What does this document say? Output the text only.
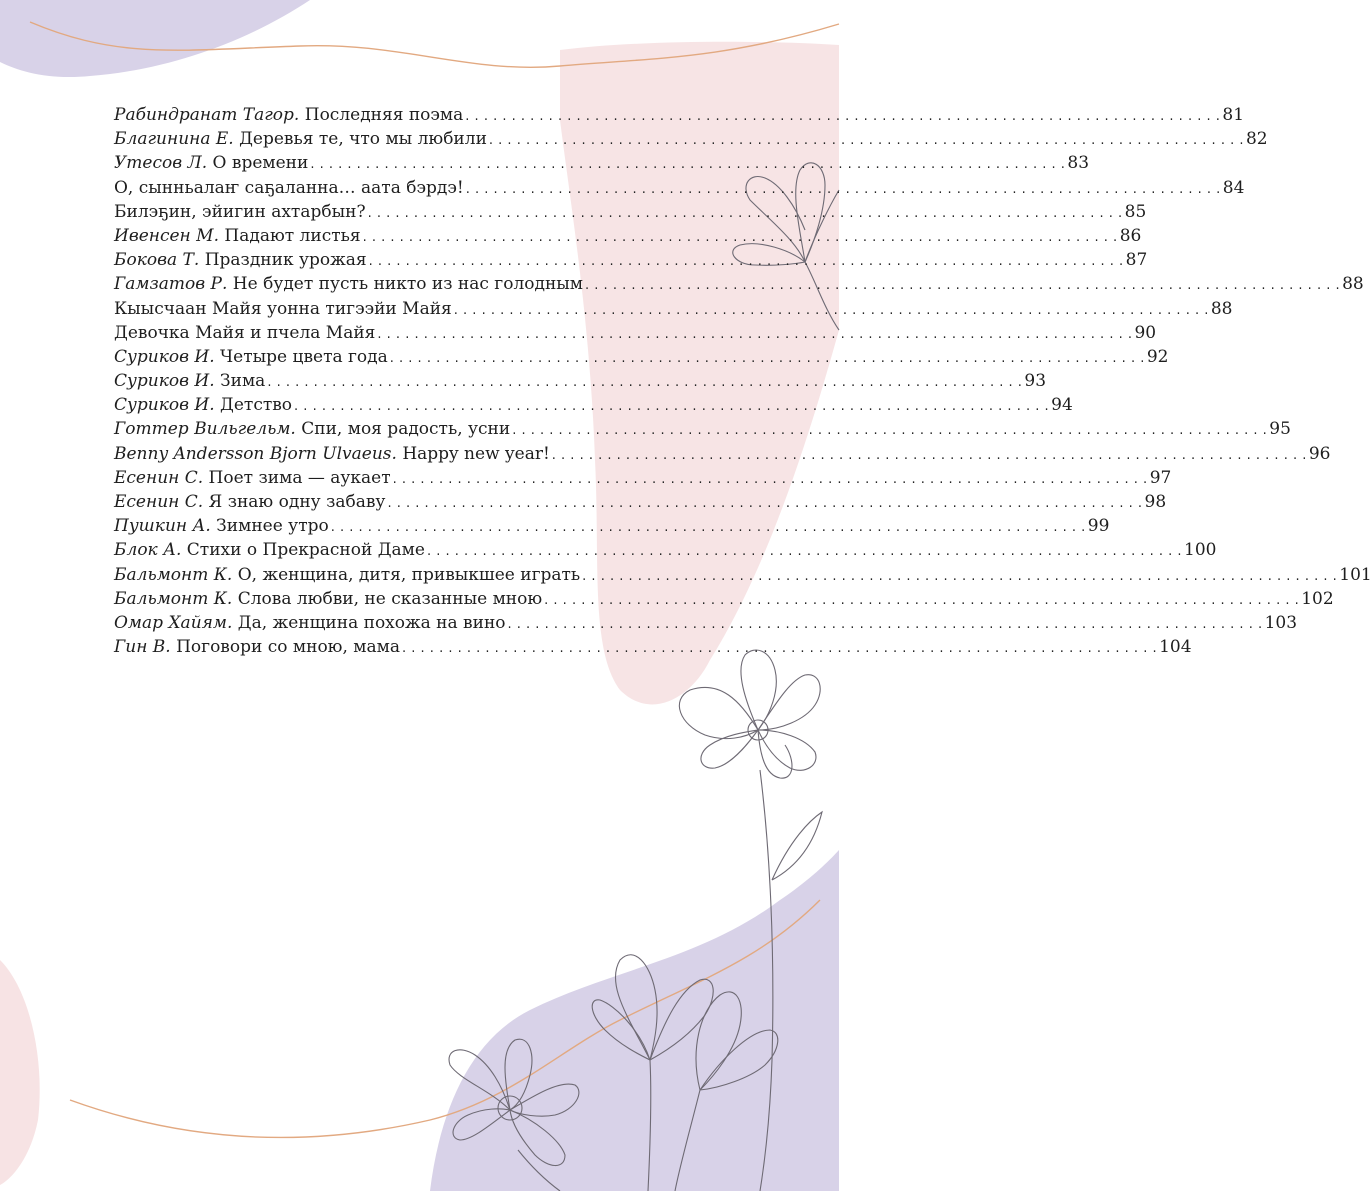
Рабиндранат Тагор. Последняя поэма . . . . . . . . . . . . . . . . . . . . . . . . . . . . . . . . . . . . . . . . . . . . . . . . . . . . . . . . . . . . . . . . . . . . . . . . . . . . . . . . . . 81
Благинина Е. Деревья те, что мы любили . . . . . . . . . . . . . . . . . . . . . . . . . . . . . . . . . . . . . . . . . . . . . . . . . . . . . . . . . . . . . . . . . . . . . . . . . . . . . . . . . . 82
Утесов Л. О времени . . . . . . . . . . . . . . . . . . . . . . . . . . . . . . . . . . . . . . . . . . . . . . . . . . . . . . . . . . . . . . . . . . . . . . . . . . . . . . . . . . 83
О, сынньалаҥ саҕаланна… аата бэрдэ! . . . . . . . . . . . . . . . . . . . . . . . . . . . . . . . . . . . . . . . . . . . . . . . . . . . . . . . . . . . . . . . . . . . . . . . . . . . . . . . . . . 84
Билэҕин, эйигин ахтарбын? . . . . . . . . . . . . . . . . . . . . . . . . . . . . . . . . . . . . . . . . . . . . . . . . . . . . . . . . . . . . . . . . . . . . . . . . . . . . . . . . . . 85
Ивенсен М. Падают листья . . . . . . . . . . . . . . . . . . . . . . . . . . . . . . . . . . . . . . . . . . . . . . . . . . . . . . . . . . . . . . . . . . . . . . . . . . . . . . . . . . 86
Бокова Т. Праздник урожая . . . . . . . . . . . . . . . . . . . . . . . . . . . . . . . . . . . . . . . . . . . . . . . . . . . . . . . . . . . . . . . . . . . . . . . . . . . . . . . . . . 87
Гамзатов Р. Не будет пусть никто из нас голодным . . . . . . . . . . . . . . . . . . . . . . . . . . . . . . . . . . . . . . . . . . . . . . . . . . . . . . . . . . . . . . . . . . . . . . . . . . . . . . . . . . 88
Кыысчаан Майя уонна тигээйи Майя . . . . . . . . . . . . . . . . . . . . . . . . . . . . . . . . . . . . . . . . . . . . . . . . . . . . . . . . . . . . . . . . . . . . . . . . . . . . . . . . . . 88
Девочка Майя и пчела Майя . . . . . . . . . . . . . . . . . . . . . . . . . . . . . . . . . . . . . . . . . . . . . . . . . . . . . . . . . . . . . . . . . . . . . . . . . . . . . . . . . . 90
Суриков И. Четыре цвета года . . . . . . . . . . . . . . . . . . . . . . . . . . . . . . . . . . . . . . . . . . . . . . . . . . . . . . . . . . . . . . . . . . . . . . . . . . . . . . . . . . 92
Суриков И. Зима . . . . . . . . . . . . . . . . . . . . . . . . . . . . . . . . . . . . . . . . . . . . . . . . . . . . . . . . . . . . . . . . . . . . . . . . . . . . . . . . . . 93
Суриков И. Детство . . . . . . . . . . . . . . . . . . . . . . . . . . . . . . . . . . . . . . . . . . . . . . . . . . . . . . . . . . . . . . . . . . . . . . . . . . . . . . . . . . 94
Готтер Вильгельм. Спи, моя радость, усни . . . . . . . . . . . . . . . . . . . . . . . . . . . . . . . . . . . . . . . . . . . . . . . . . . . . . . . . . . . . . . . . . . . . . . . . . . . . . . . . . . 95
Benny Andersson Bjorn Ulvaeus. Happy new year! . . . . . . . . . . . . . . . . . . . . . . . . . . . . . . . . . . . . . . . . . . . . . . . . . . . . . . . . . . . . . . . . . . . . . . . . . . . . . . . . . . 96
Есенин С. Поет зима — аукает . . . . . . . . . . . . . . . . . . . . . . . . . . . . . . . . . . . . . . . . . . . . . . . . . . . . . . . . . . . . . . . . . . . . . . . . . . . . . . . . . . 97
Есенин С. Я знаю одну забаву . . . . . . . . . . . . . . . . . . . . . . . . . . . . . . . . . . . . . . . . . . . . . . . . . . . . . . . . . . . . . . . . . . . . . . . . . . . . . . . . . . 98
Пушкин А. Зимнее утро . . . . . . . . . . . . . . . . . . . . . . . . . . . . . . . . . . . . . . . . . . . . . . . . . . . . . . . . . . . . . . . . . . . . . . . . . . . . . . . . . . 99
Блок А. Стихи о Прекрасной Даме . . . . . . . . . . . . . . . . . . . . . . . . . . . . . . . . . . . . . . . . . . . . . . . . . . . . . . . . . . . . . . . . . . . . . . . . . . . . . . . . . . 100
Бальмонт К. О, женщина, дитя, привыкшее играть . . . . . . . . . . . . . . . . . . . . . . . . . . . . . . . . . . . . . . . . . . . . . . . . . . . . . . . . . . . . . . . . . . . . . . . . . . . . . . . . . . 101
Бальмонт К. Слова любви, не сказанные мною . . . . . . . . . . . . . . . . . . . . . . . . . . . . . . . . . . . . . . . . . . . . . . . . . . . . . . . . . . . . . . . . . . . . . . . . . . . . . . . . . . 102
Омар Хайям. Да, женщина похожа на вино . . . . . . . . . . . . . . . . . . . . . . . . . . . . . . . . . . . . . . . . . . . . . . . . . . . . . . . . . . . . . . . . . . . . . . . . . . . . . . . . . . 103
Гин В. Поговори со мною, мама . . . . . . . . . . . . . . . . . . . . . . . . . . . . . . . . . . . . . . . . . . . . . . . . . . . . . . . . . . . . . . . . . . . . . . . . . . . . . . . . . . 104
